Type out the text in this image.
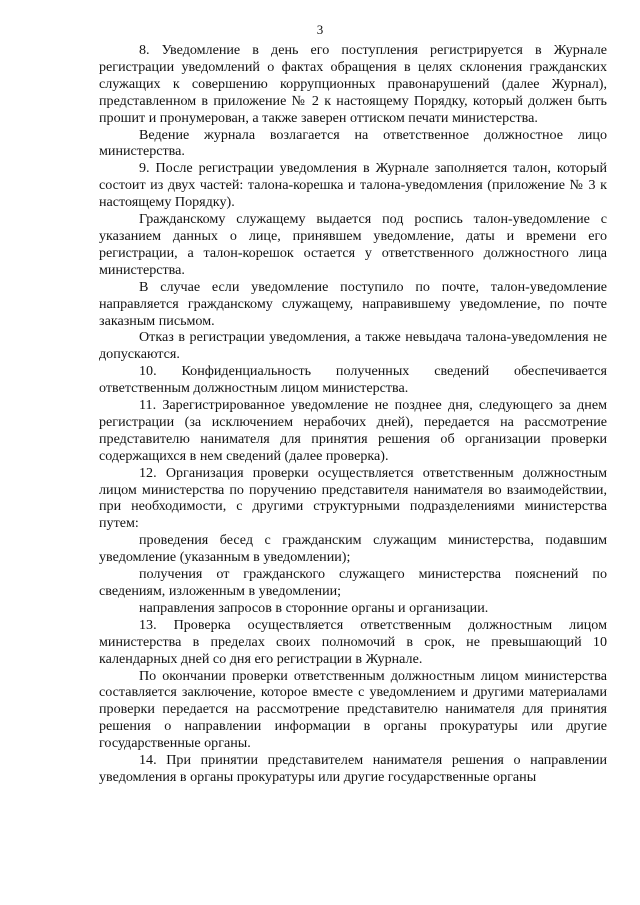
3

8. Уведомление в день его поступления регистрируется в Журнале регистрации уведомлений о фактах обращения в целях склонения гражданских служащих к совершению коррупционных правонарушений (далее Журнал), представленном в приложение № 2 к настоящему Порядку, который должен быть прошит и пронумерован, а также заверен оттиском печати министерства.

Ведение журнала возлагается на ответственное должностное лицо министерства.

9. После регистрации уведомления в Журнале заполняется талон, который состоит из двух частей: талона-корешка и талона-уведомления (приложение № 3 к настоящему Порядку).

Гражданскому служащему выдается под роспись талон-уведомление с указанием данных о лице, принявшем уведомление, даты и времени его регистрации, а талон-корешок остается у ответственного должностного лица министерства.

В случае если уведомление поступило по почте, талон-уведомление направляется гражданскому служащему, направившему уведомление, по почте заказным письмом.

Отказ в регистрации уведомления, а также невыдача талона-уведомления не допускаются.

10. Конфиденциальность полученных сведений обеспечивается ответственным должностным лицом министерства.

11. Зарегистрированное уведомление не позднее дня, следующего за днем регистрации (за исключением нерабочих дней), передается на рассмотрение представителю нанимателя для принятия решения об организации проверки содержащихся в нем сведений (далее проверка).

12. Организация проверки осуществляется ответственным должностным лицом министерства по поручению представителя нанимателя во взаимодействии, при необходимости, с другими структурными подразделениями министерства путем:

проведения бесед с гражданским служащим министерства, подавшим уведомление (указанным в уведомлении);

получения от гражданского служащего министерства пояснений по сведениям, изложенным в уведомлении;

направления запросов в сторонние органы и организации.

13. Проверка осуществляется ответственным должностным лицом министерства в пределах своих полномочий в срок, не превышающий 10 календарных дней со дня его регистрации в Журнале.

По окончании проверки ответственным должностным лицом министерства составляется заключение, которое вместе с уведомлением и другими материалами проверки передается на рассмотрение представителю нанимателя для принятия решения о направлении информации в органы прокуратуры или другие государственные органы.

14. При принятии представителем нанимателя решения о направлении уведомления в органы прокуратуры или другие государственные органы
